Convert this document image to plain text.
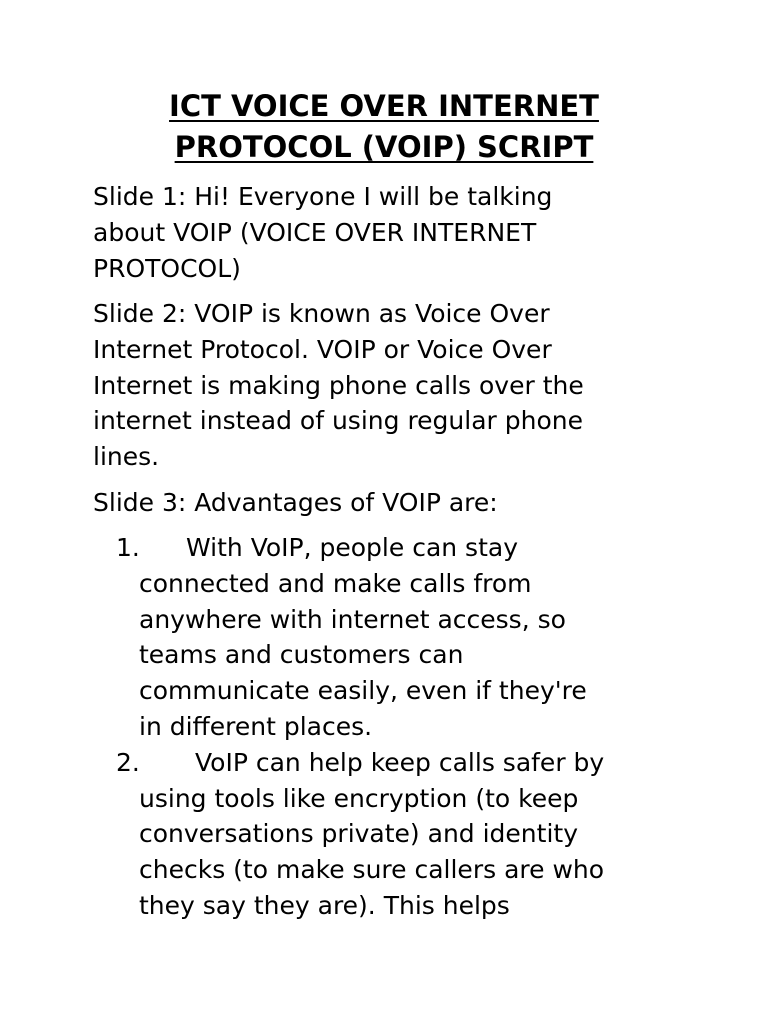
ICT VOICE OVER INTERNET
PROTOCOL (VOIP) SCRIPT

Slide 1: Hi! Everyone I will be talking

about VOIP (VOICE OVER INTERNET

PROTOCOL)

Slide 2: VOIP is known as Voice Over

Internet Protocol. VOIP or Voice Over

Internet is making phone calls over the

internet instead of using regular phone

lines.

Slide 3: Advantages of VOIP are:

1. With VoIP, people can stay

connected and make calls from

anywhere with internet access, so

teams and customers can

communicate easily, even if they're

in different places.

2. VoIP can help keep calls safer by

using tools like encryption (to keep

conversations private) and identity

checks (to make sure callers are who

they say they are). This helps
